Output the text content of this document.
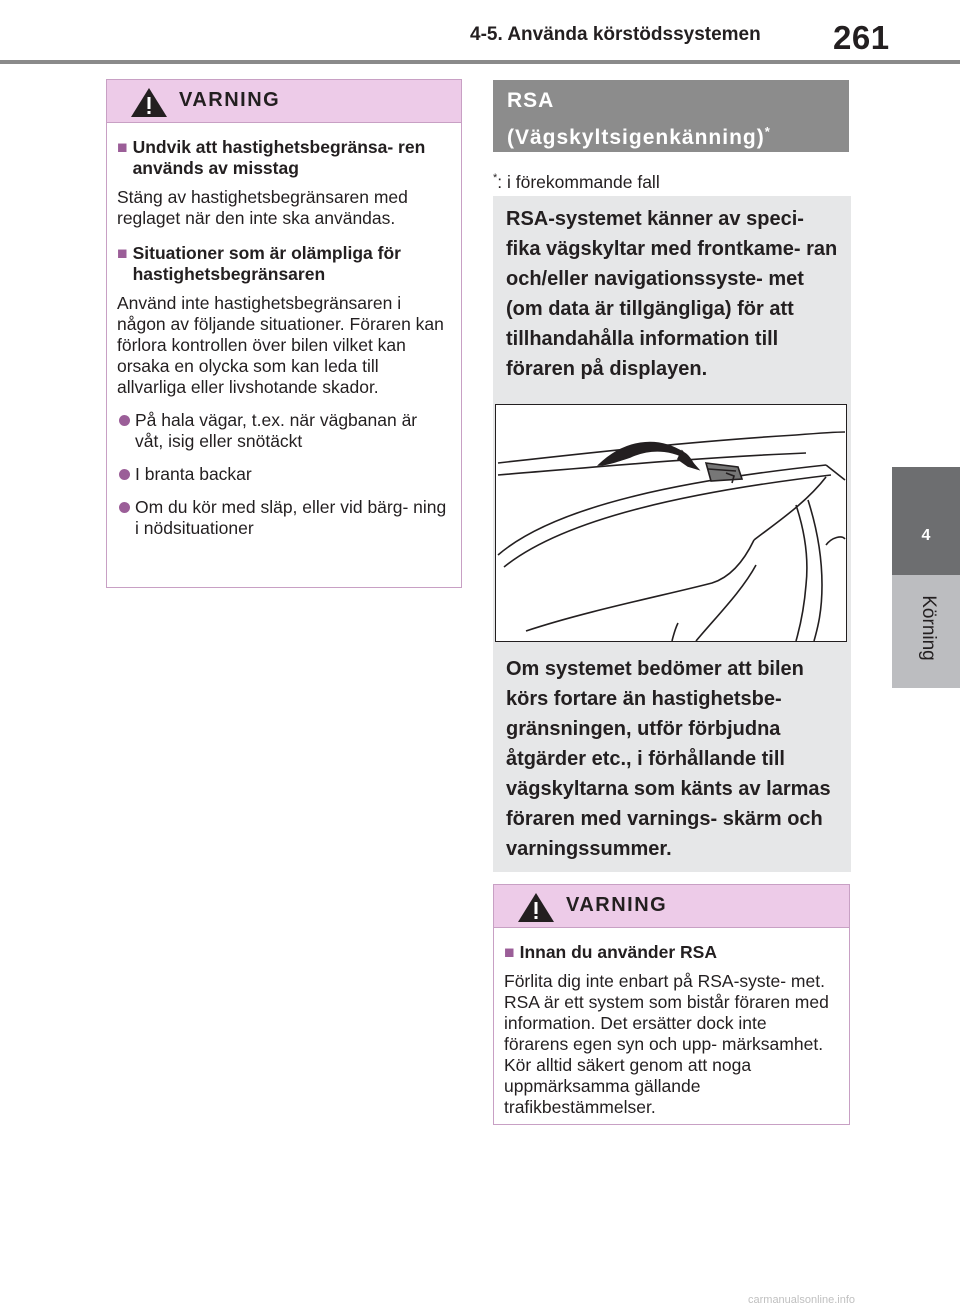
4-5. Använda körstödssystemen 261
4
Körning
VARNING
■ Undvik att hastighetsbegränsa- ren används av misstag
Stäng av hastighetsbegränsaren med reglaget när den inte ska användas.
■ Situationer som är olämpliga för hastighetsbegränsaren
Använd inte hastighetsbegränsaren i någon av följande situationer. Föraren kan förlora kontrollen över bilen vilket kan orsaka en olycka som kan leda till allvarliga eller livshotande skador.
På hala vägar, t.ex. när vägbanan är våt, isig eller snötäckt
I branta backar
Om du kör med släp, eller vid bärg- ning i nödsituationer
RSA
(Vägskyltsigenkänning)*
*: i förekommande fall
RSA-systemet känner av speci- fika vägskyltar med frontkame- ran och/eller navigationssyste- met (om data är tillgängliga) för att tillhandahålla information till föraren på displayen.
Om systemet bedömer att bilen körs fortare än hastighetsbe- gränsningen, utför förbjudna åtgärder etc., i förhållande till vägskyltarna som känts av larmas föraren med varnings- skärm och varningssummer.
VARNING
■ Innan du använder RSA
Förlita dig inte enbart på RSA-syste- met. RSA är ett system som bistår föraren med information. Det ersätter dock inte förarens egen syn och upp- märksamhet. Kör alltid säkert genom att noga uppmärksamma gällande trafikbestämmelser.
carmanualsonline.info
